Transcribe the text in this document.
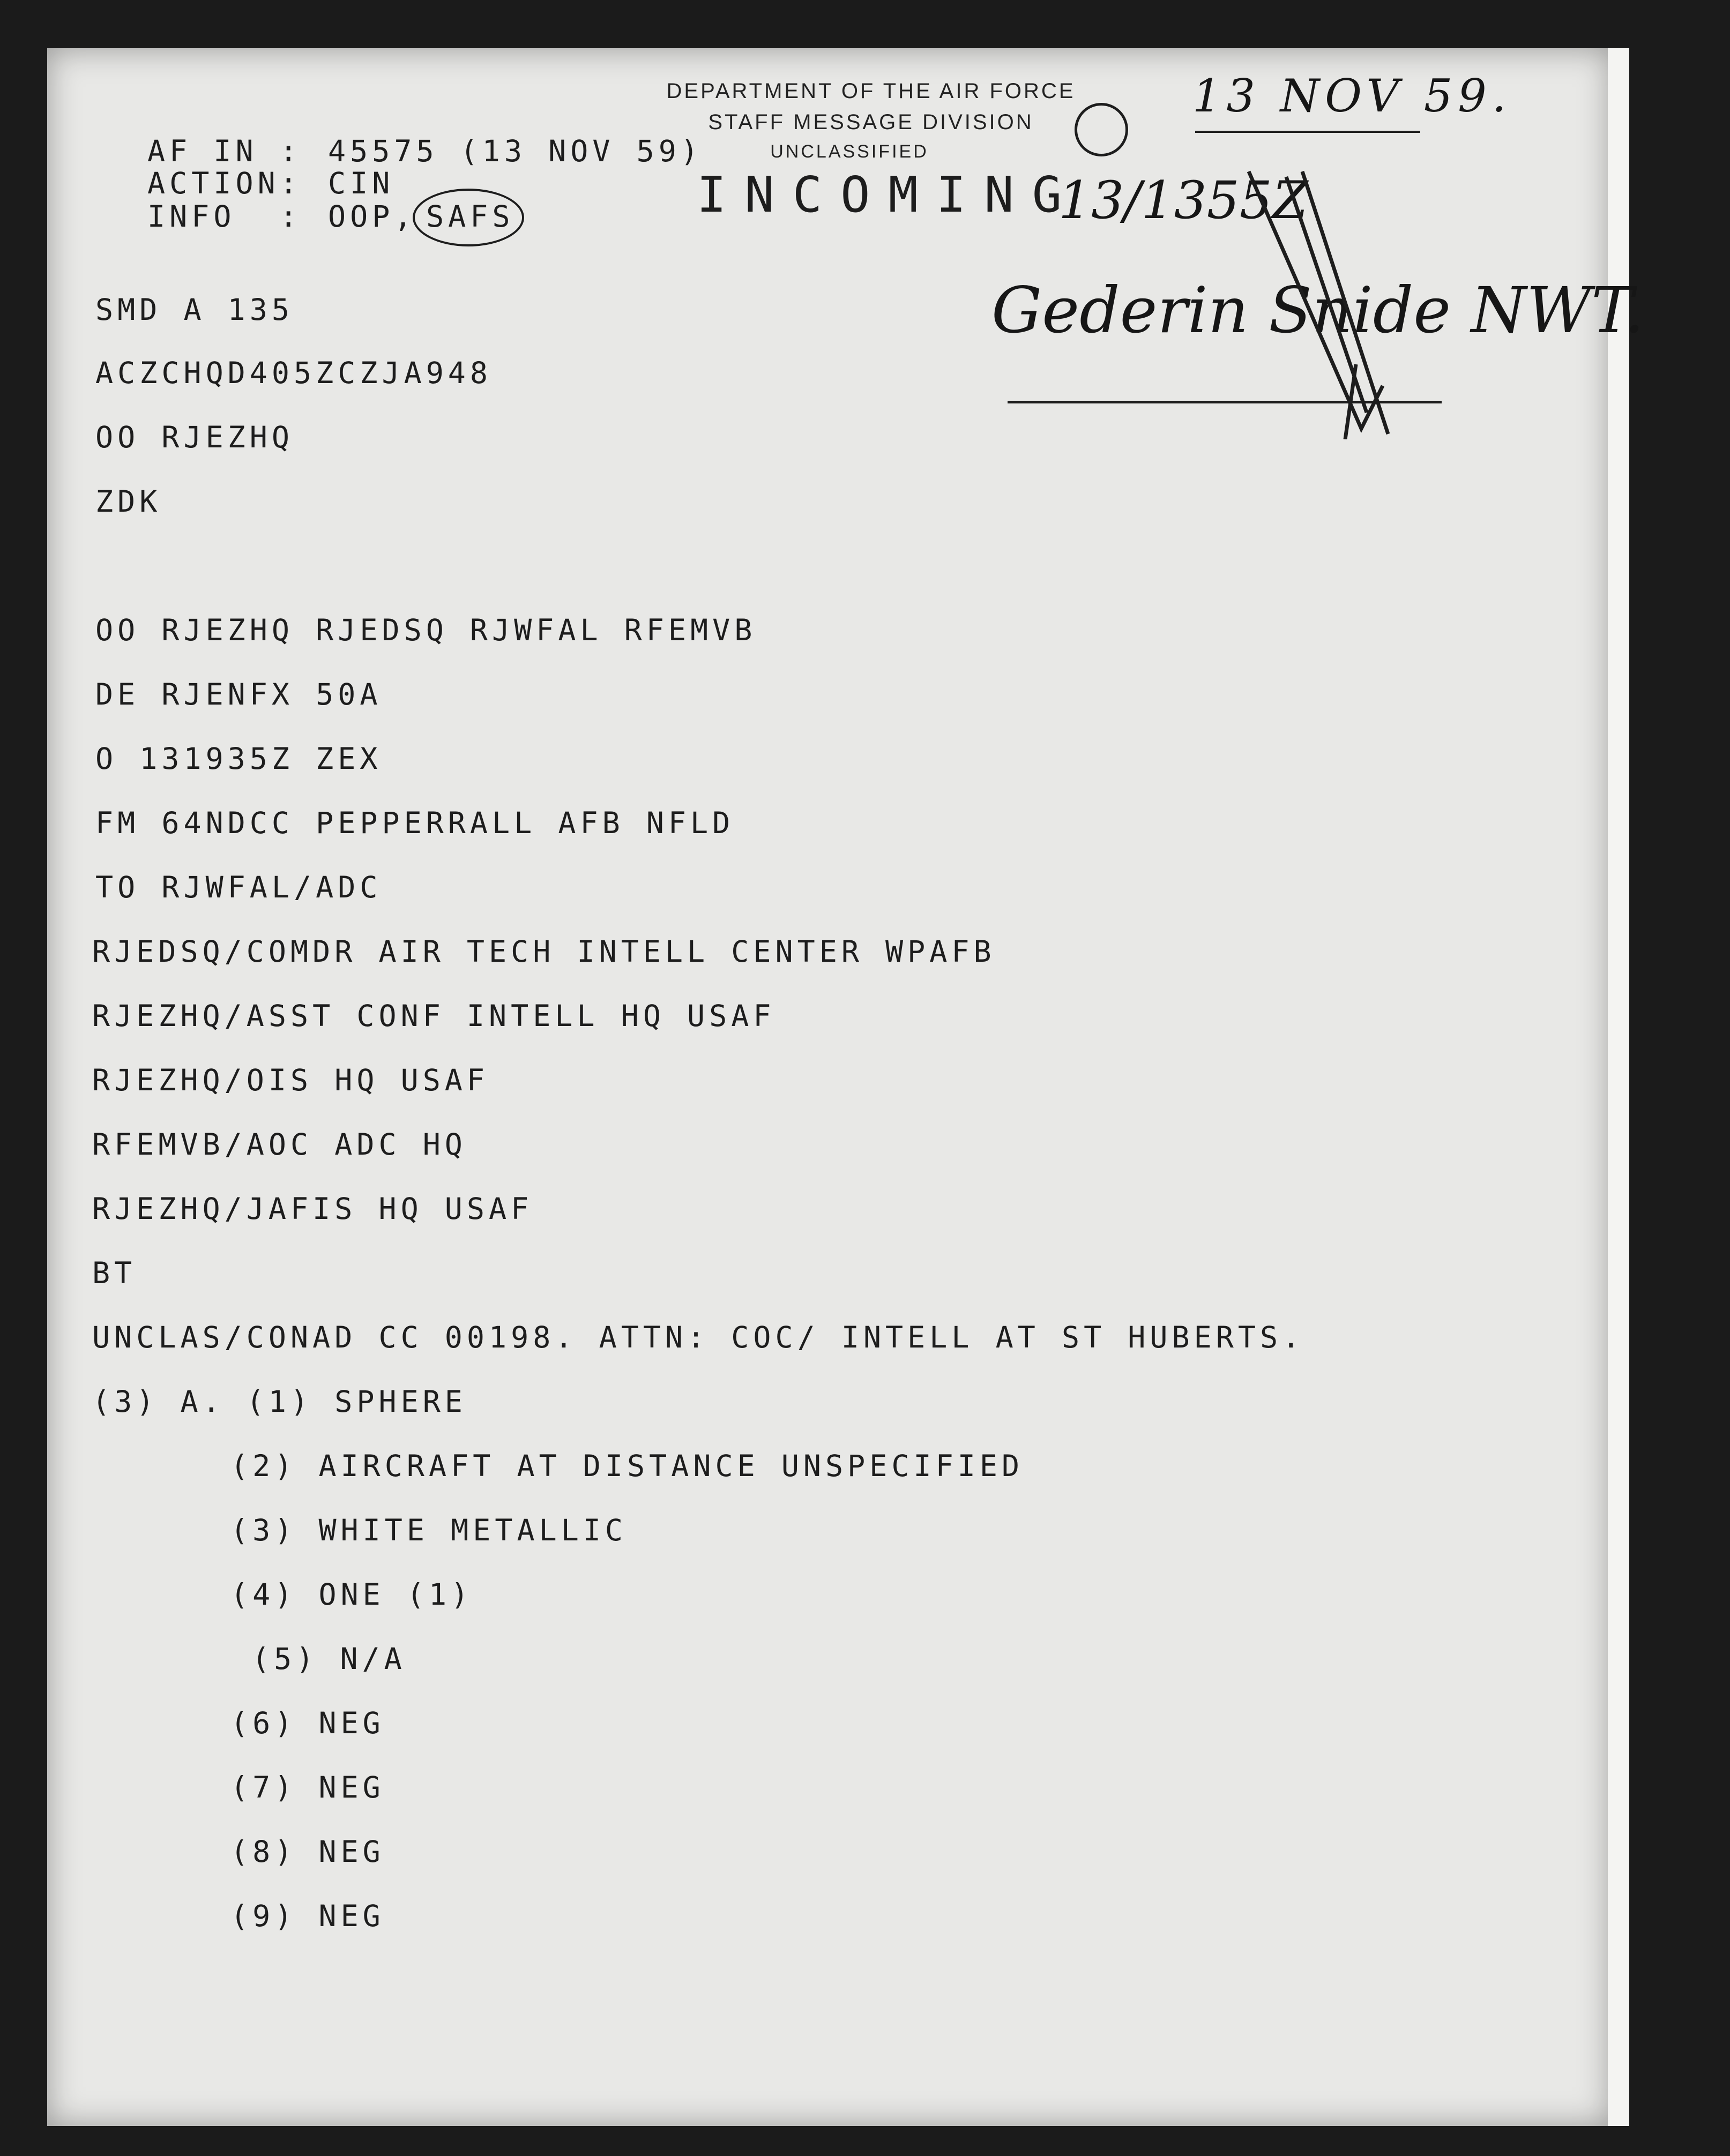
DEPARTMENT OF THE AIR FORCE
STAFF MESSAGE DIVISION
UNCLASSIFIED
INCOMING
AF IN : 45575 (13 NOV 59)
ACTION: CIN
INFO  : OOP, SAFS
13 NOV 59.
13/1355Z
Gederin Snide NWT.
SMD A 135
ACZCHQD405ZCZJA948
OO RJEZHQ
ZDK
OO RJEZHQ RJEDSQ RJWFAL RFEMVB
DE RJENFX 50A
O 131935Z ZEX
FM 64NDCC PEPPERRALL AFB NFLD
TO RJWFAL/ADC
RJEDSQ/COMDR AIR TECH INTELL CENTER WPAFB
RJEZHQ/ASST CONF INTELL HQ USAF
RJEZHQ/OIS HQ USAF
RFEMVB/AOC ADC HQ
RJEZHQ/JAFIS HQ USAF
BT
UNCLAS/CONAD CC 00198. ATTN: COC/ INTELL AT ST HUBERTS.
(3) A. (1) SPHERE
(2) AIRCRAFT AT DISTANCE UNSPECIFIED
(3) WHITE METALLIC
(4) ONE (1)
(5) N/A
(6) NEG
(7) NEG
(8) NEG
(9) NEG
